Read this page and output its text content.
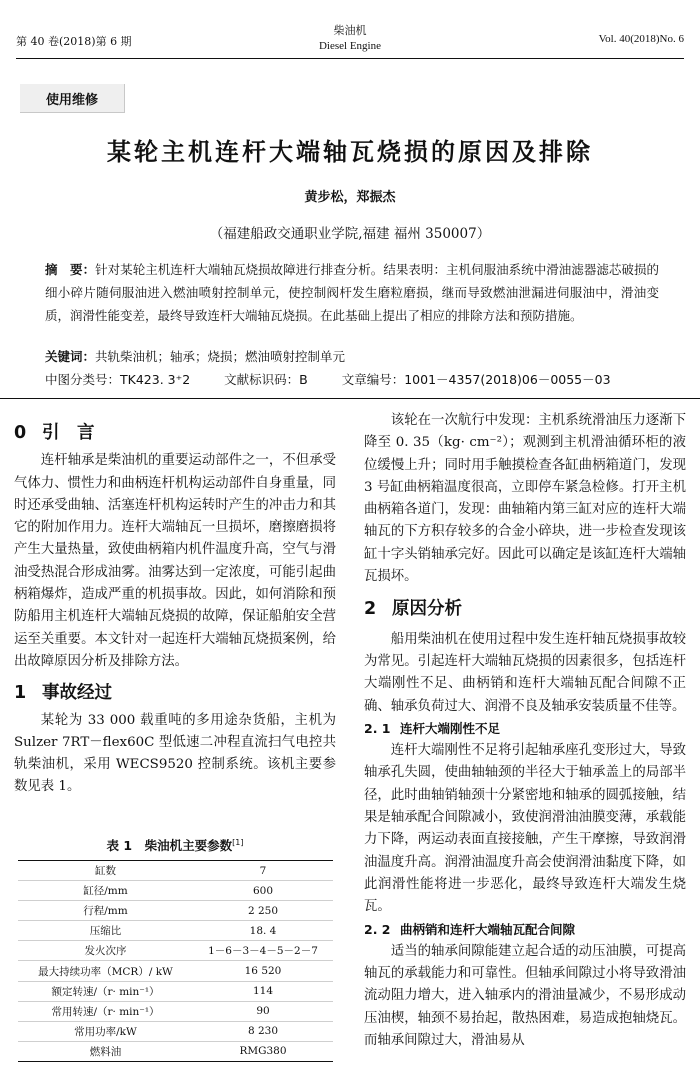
第 40 卷(2018)第 6 期
柴油机
Diesel Engine
Vol. 40(2018)No. 6
使用维修
某轮主机连杆大端轴瓦烧损的原因及排除
黄步松，郑振杰
（福建船政交通职业学院,福建 福州 350007）
摘　要：针对某轮主机连杆大端轴瓦烧损故障进行排查分析。结果表明：主机伺服油系统中滑油滤器滤芯破损的细小碎片随伺服油进入燃油喷射控制单元，使控制阀杆发生磨粒磨损，继而导致燃油泄漏进伺服油中，滑油变质，润滑性能变差，最终导致连杆大端轴瓦烧损。在此基础上提出了相应的排除方法和预防措施。
关键词：共轨柴油机；轴承；烧损；燃油喷射控制单元
中图分类号：TK423. 3⁺2	文献标识码：B	文章编号：1001－4357(2018)06－0055－03
0 引　言

连杆轴承是柴油机的重要运动部件之一，不但承受气体力、惯性力和曲柄连杆机构运动部件自身重量，同时还承受曲轴、活塞连杆机构运转时产生的冲击力和其它的附加作用力。连杆大端轴瓦一旦损坏，磨擦磨损将产生大量热量，致使曲柄箱内机件温度升高，空气与滑油受热混合形成油雾。油雾达到一定浓度，可能引起曲柄箱爆炸，造成严重的机损事故。因此，如何消除和预防船用主机连杆大端轴瓦烧损的故障，保证船舶安全营运至关重要。本文针对一起连杆大端轴瓦烧损案例，给出故障原因分析及排除方法。

1 事故经过

某轮为 33 000 载重吨的多用途杂货船，主机为 Sulzer 7RT－flex60C 型低速二冲程直流扫气电控共轨柴油机，采用 WECS9520 控制系统。该机主要参数见表 1。

表 1　柴油机主要参数[1]
缸数	7
缸径/mm	600
行程/mm	2 250
压缩比	18. 4
发火次序	1－6－3－4－5－2－7
最大持续功率（MCR）/ kW	16 520
额定转速/（r· min⁻¹）	114
常用转速/（r· min⁻¹）	90
常用功率/kW	8 230
燃料油	RMG380

该轮在一次航行中发现：主机系统滑油压力逐渐下降至 0. 35（kg· cm⁻²）；观测到主机滑油循环柜的液位缓慢上升；同时用手触摸检查各缸曲柄箱道门，发现 3 号缸曲柄箱温度很高，立即停车紧急检修。打开主机曲柄箱各道门，发现：曲轴箱内第三缸对应的连杆大端轴瓦的下方积存较多的合金小碎块，进一步检查发现该缸十字头销轴承完好。因此可以确定是该缸连杆大端轴瓦损坏。

2 原因分析

船用柴油机在使用过程中发生连杆轴瓦烧损事故较为常见。引起连杆大端轴瓦烧损的因素很多，包括连杆大端刚性不足、曲柄销和连杆大端轴瓦配合间隙不正确、轴承负荷过大、润滑不良及轴承安装质量不佳等。

2. 1 连杆大端刚性不足

连杆大端刚性不足将引起轴承座孔变形过大，导致轴承孔失圆，使曲轴轴颈的半径大于轴承盖上的局部半径，此时曲轴销轴颈十分紧密地和轴承的圆弧接触，结果是轴承配合间隙减小，致使润滑油油膜变薄，承载能力下降，两运动表面直接接触，产生干摩擦，导致润滑油温度升高。润滑油温度升高会使润滑油黏度下降，如此润滑性能将进一步恶化，最终导致连杆大端发生烧瓦。

2. 2 曲柄销和连杆大端轴瓦配合间隙

适当的轴承间隙能建立起合适的动压油膜，可提高轴瓦的承载能力和可靠性。但轴承间隙过小将导致滑油流动阻力增大，进入轴承内的滑油量减少，不易形成动压油楔，轴颈不易抬起，散热困难，易造成抱轴烧瓦。而轴承间隙过大，滑油易从
